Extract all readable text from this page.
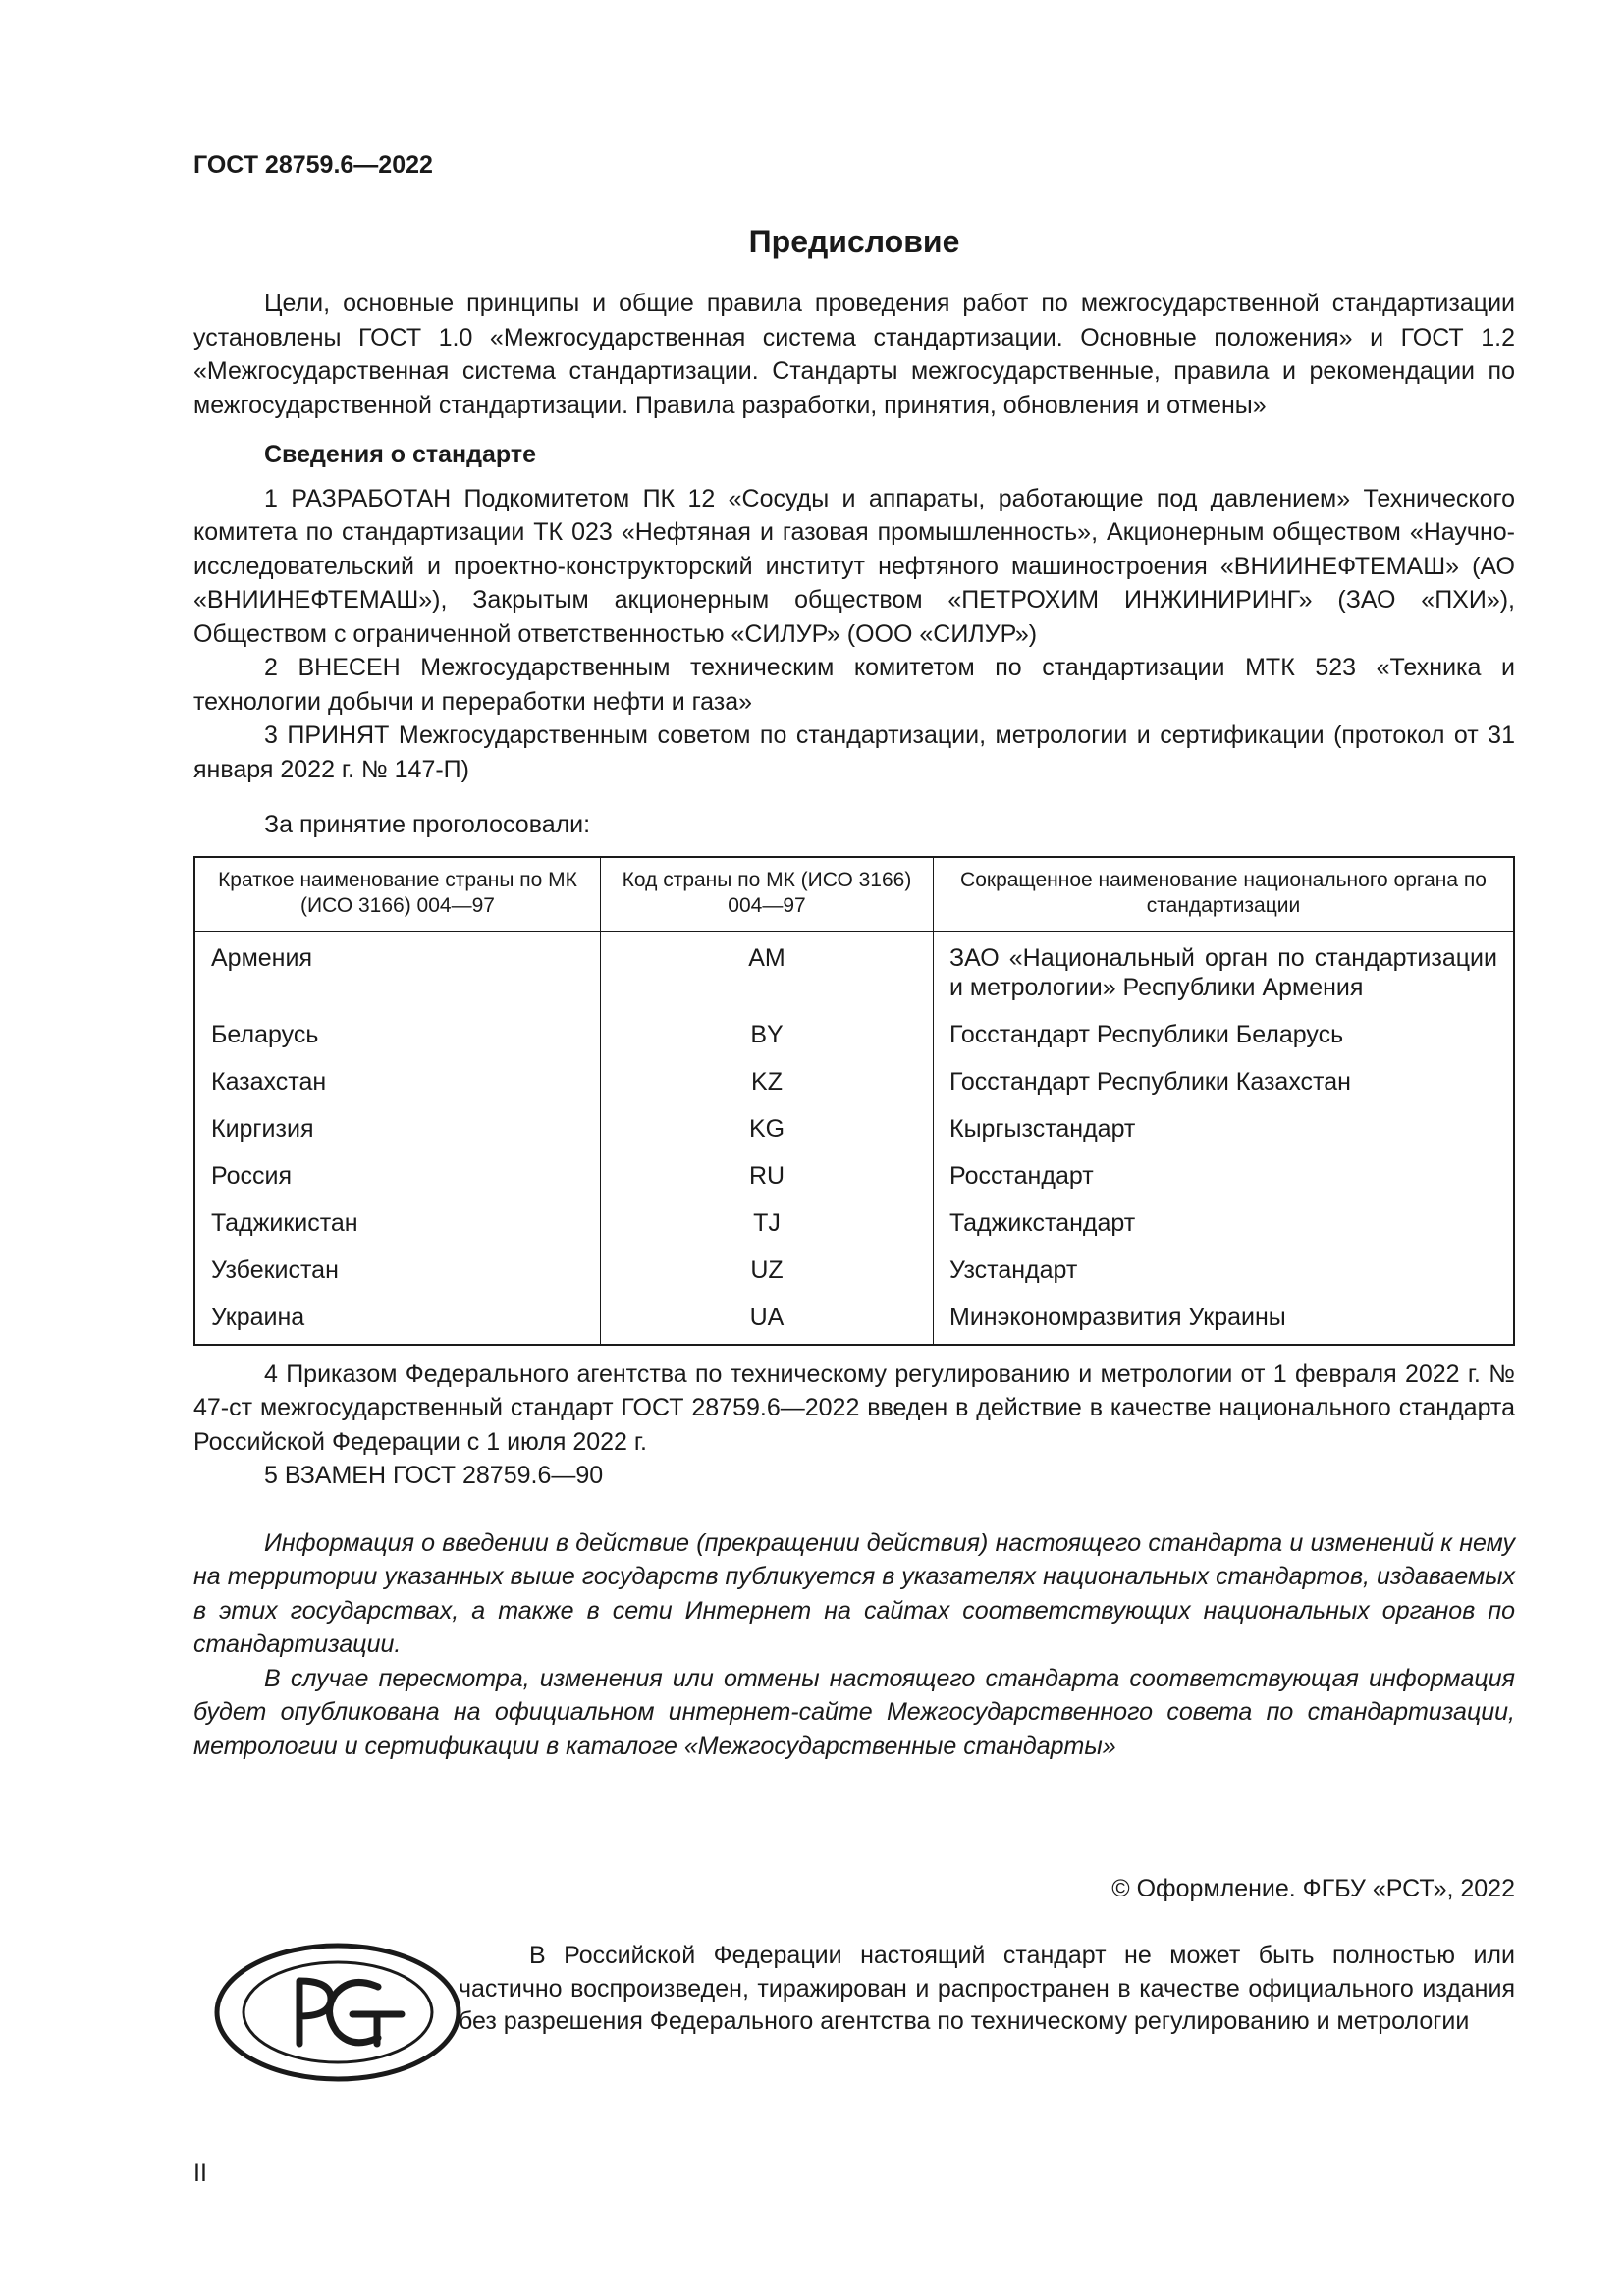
ГОСТ 28759.6—2022
Предисловие

Цели, основные принципы и общие правила проведения работ по межгосударственной стандартизации установлены ГОСТ 1.0 «Межгосударственная система стандартизации. Основные положения» и ГОСТ 1.2 «Межгосударственная система стандартизации. Стандарты межгосударственные, правила и рекомендации по межгосударственной стандартизации. Правила разработки, принятия, обновления и отмены»

Сведения о стандарте

1 РАЗРАБОТАН Подкомитетом ПК 12 «Сосуды и аппараты, работающие под давлением» Технического комитета по стандартизации ТК 023 «Нефтяная и газовая промышленность», Акционерным обществом «Научно-исследовательский и проектно-конструкторский институт нефтяного машиностроения «ВНИИНЕФТЕМАШ» (АО «ВНИИНЕФТЕМАШ»), Закрытым акционерным обществом «ПЕТРОХИМ ИНЖИНИРИНГ» (ЗАО «ПХИ»), Обществом с ограниченной ответственностью «СИЛУР» (ООО «СИЛУР»)

2 ВНЕСЕН Межгосударственным техническим комитетом по стандартизации МТК 523 «Техника и технологии добычи и переработки нефти и газа»

3 ПРИНЯТ Межгосударственным советом по стандартизации, метрологии и сертификации (протокол от 31 января 2022 г. № 147-П)

За принятие проголосовали:

Краткое наименование страны по МК (ИСО 3166) 004—97	Код страны по МК (ИСО 3166) 004—97	Сокращенное наименование национального органа по стандартизации
Армения	AM	ЗАО «Национальный орган по стандартизации и метрологии» Республики Армения
Беларусь	BY	Госстандарт Республики Беларусь
Казахстан	KZ	Госстандарт Республики Казахстан
Киргизия	KG	Кыргызстандарт
Россия	RU	Росстандарт
Таджикистан	TJ	Таджикстандарт
Узбекистан	UZ	Узстандарт
Украина	UA	Минэкономразвития Украины

4 Приказом Федерального агентства по техническому регулированию и метрологии от 1 февраля 2022 г. № 47-ст межгосударственный стандарт ГОСТ 28759.6—2022 введен в действие в качестве национального стандарта Российской Федерации с 1 июля 2022 г.

5 ВЗАМЕН ГОСТ 28759.6—90

Информация о введении в действие (прекращении действия) настоящего стандарта и изменений к нему на территории указанных выше государств публикуется в указателях национальных стандартов, издаваемых в этих государствах, а также в сети Интернет на сайтах соответствующих национальных органов по стандартизации.

В случае пересмотра, изменения или отмены настоящего стандарта соответствующая информация будет опубликована на официальном интернет-сайте Межгосударственного совета по стандартизации, метрологии и сертификации в каталоге «Межгосударственные стандарты»

© Оформление. ФГБУ «РСТ», 2022
В Российской Федерации настоящий стандарт не может быть полностью или частично воспроизведен, тиражирован и распространен в качестве официального издания без разрешения Федерального агентства по техническому регулированию и метрологии
II
